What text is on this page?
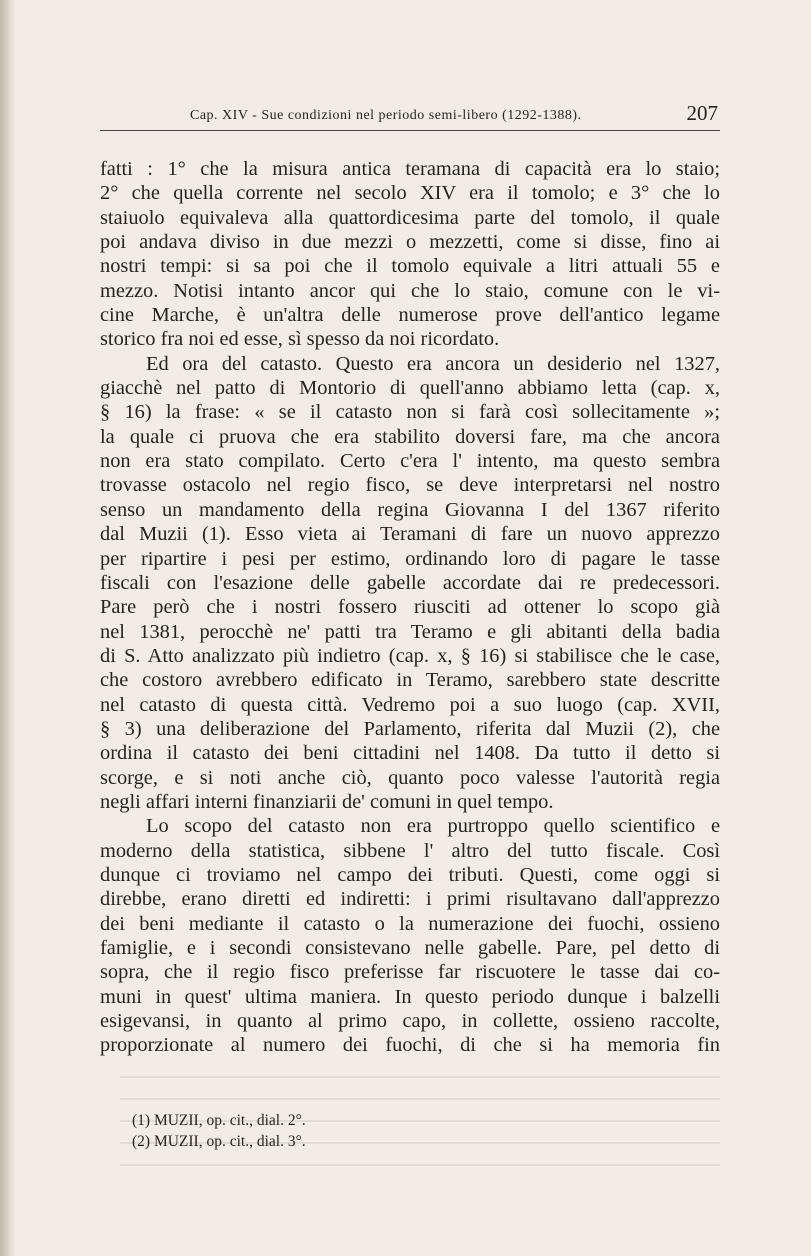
Cap. XIV - Sue condizioni nel periodo semi-libero (1292-1388).	207
fatti : 1° che la misura antica teramana di capacità era lo staio;
2° che quella corrente nel secolo XIV era il tomolo; e 3° che lo
staiuolo equivaleva alla quattordicesima parte del tomolo, il quale
poi andava diviso in due mezzi o mezzetti, come si disse, fino ai
nostri tempi: si sa poi che il tomolo equivale a litri attuali 55 e
mezzo. Notisi intanto ancor qui che lo staio, comune con le vi-
cine Marche, è un'altra delle numerose prove dell'antico legame
storico fra noi ed esse, sì spesso da noi ricordato.
Ed ora del catasto. Questo era ancora un desiderio nel 1327,
giacchè nel patto di Montorio di quell'anno abbiamo letta (cap. x,
§ 16) la frase: « se il catasto non si farà così sollecitamente »;
la quale ci pruova che era stabilito doversi fare, ma che ancora
non era stato compilato. Certo c'era l' intento, ma questo sembra
trovasse ostacolo nel regio fisco, se deve interpretarsi nel nostro
senso un mandamento della regina Giovanna I del 1367 riferito
dal Muzii (1). Esso vieta ai Teramani di fare un nuovo apprezzo
per ripartire i pesi per estimo, ordinando loro di pagare le tasse
fiscali con l'esazione delle gabelle accordate dai re predecessori.
Pare però che i nostri fossero riusciti ad ottener lo scopo già
nel 1381, perocchè ne' patti tra Teramo e gli abitanti della badia
di S. Atto analizzato più indietro (cap. x, § 16) si stabilisce che le case,
che costoro avrebbero edificato in Teramo, sarebbero state descritte
nel catasto di questa città. Vedremo poi a suo luogo (cap. XVII,
§ 3) una deliberazione del Parlamento, riferita dal Muzii (2), che
ordina il catasto dei beni cittadini nel 1408. Da tutto il detto si
scorge, e si noti anche ciò, quanto poco valesse l'autorità regia
negli affari interni finanziarii de' comuni in quel tempo.
Lo scopo del catasto non era purtroppo quello scientifico e
moderno della statistica, sibbene l' altro del tutto fiscale. Così
dunque ci troviamo nel campo dei tributi. Questi, come oggi si
direbbe, erano diretti ed indiretti: i primi risultavano dall'apprezzo
dei beni mediante il catasto o la numerazione dei fuochi, ossieno
famiglie, e i secondi consistevano nelle gabelle. Pare, pel detto di
sopra, che il regio fisco preferisse far riscuotere le tasse dai co-
muni in quest' ultima maniera. In questo periodo dunque i balzelli
esigevansi, in quanto al primo capo, in collette, ossieno raccolte,
proporzionate al numero dei fuochi, di che si ha memoria fin
(1) MUZII, op. cit., dial. 2°.
(2) MUZII, op. cit., dial. 3°.
